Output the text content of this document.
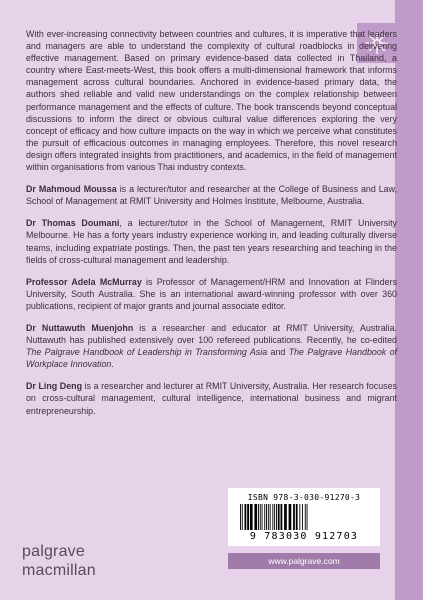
With ever-increasing connectivity between countries and cultures, it is imperative that leaders and managers are able to understand the complexity of cultural roadblocks in delivering effective management. Based on primary evidence-based data collected in Thailand, a country where East-meets-West, this book offers a multi-dimensional framework that informs management across cultural boundaries. Anchored in evidence-based primary data, the authors shed reliable and valid new understandings on the complex relationship between performance management and the effects of culture. The book transcends beyond conceptual discussions to inform the direct or obvious cultural value differences exploring the very concept of efficacy and how culture impacts on the way in which we perceive what constitutes the pursuit of efficacious outcomes in managing employees. Therefore, this novel research design offers integrated insights from practitioners, and academics, in the field of management within organisations from various Thai industry contexts.

Dr Mahmoud Moussa is a lecturer/tutor and researcher at the College of Business and Law, School of Management at RMIT University and Holmes Institute, Melbourne, Australia.

Dr Thomas Doumani, a lecturer/tutor in the School of Management, RMIT University Melbourne. He has a forty years industry experience working in, and leading culturally diverse teams, including expatriate postings. Then, the past ten years researching and teaching in the fields of cross-cultural management and leadership.

Professor Adela McMurray is Professor of Management/HRM and Innovation at Flinders University, South Australia. She is an international award-winning professor with over 360 publications, recipient of major grants and journal associate editor.

Dr Nuttawuth Muenjohn is a researcher and educator at RMIT University, Australia. Nuttawuth has published extensively over 100 refereed publications. Recently, he co-edited The Palgrave Handbook of Leadership in Transforming Asia and The Palgrave Handbook of Workplace Innovation.

Dr Ling Deng is a researcher and lecturer at RMIT University, Australia. Her research focuses on cross-cultural management, cultural intelligence, international business and migrant entrepreneurship.

ISBN 978-3-030-91270-3
9 783030 912703
www.palgrave.com
palgrave
macmillan
